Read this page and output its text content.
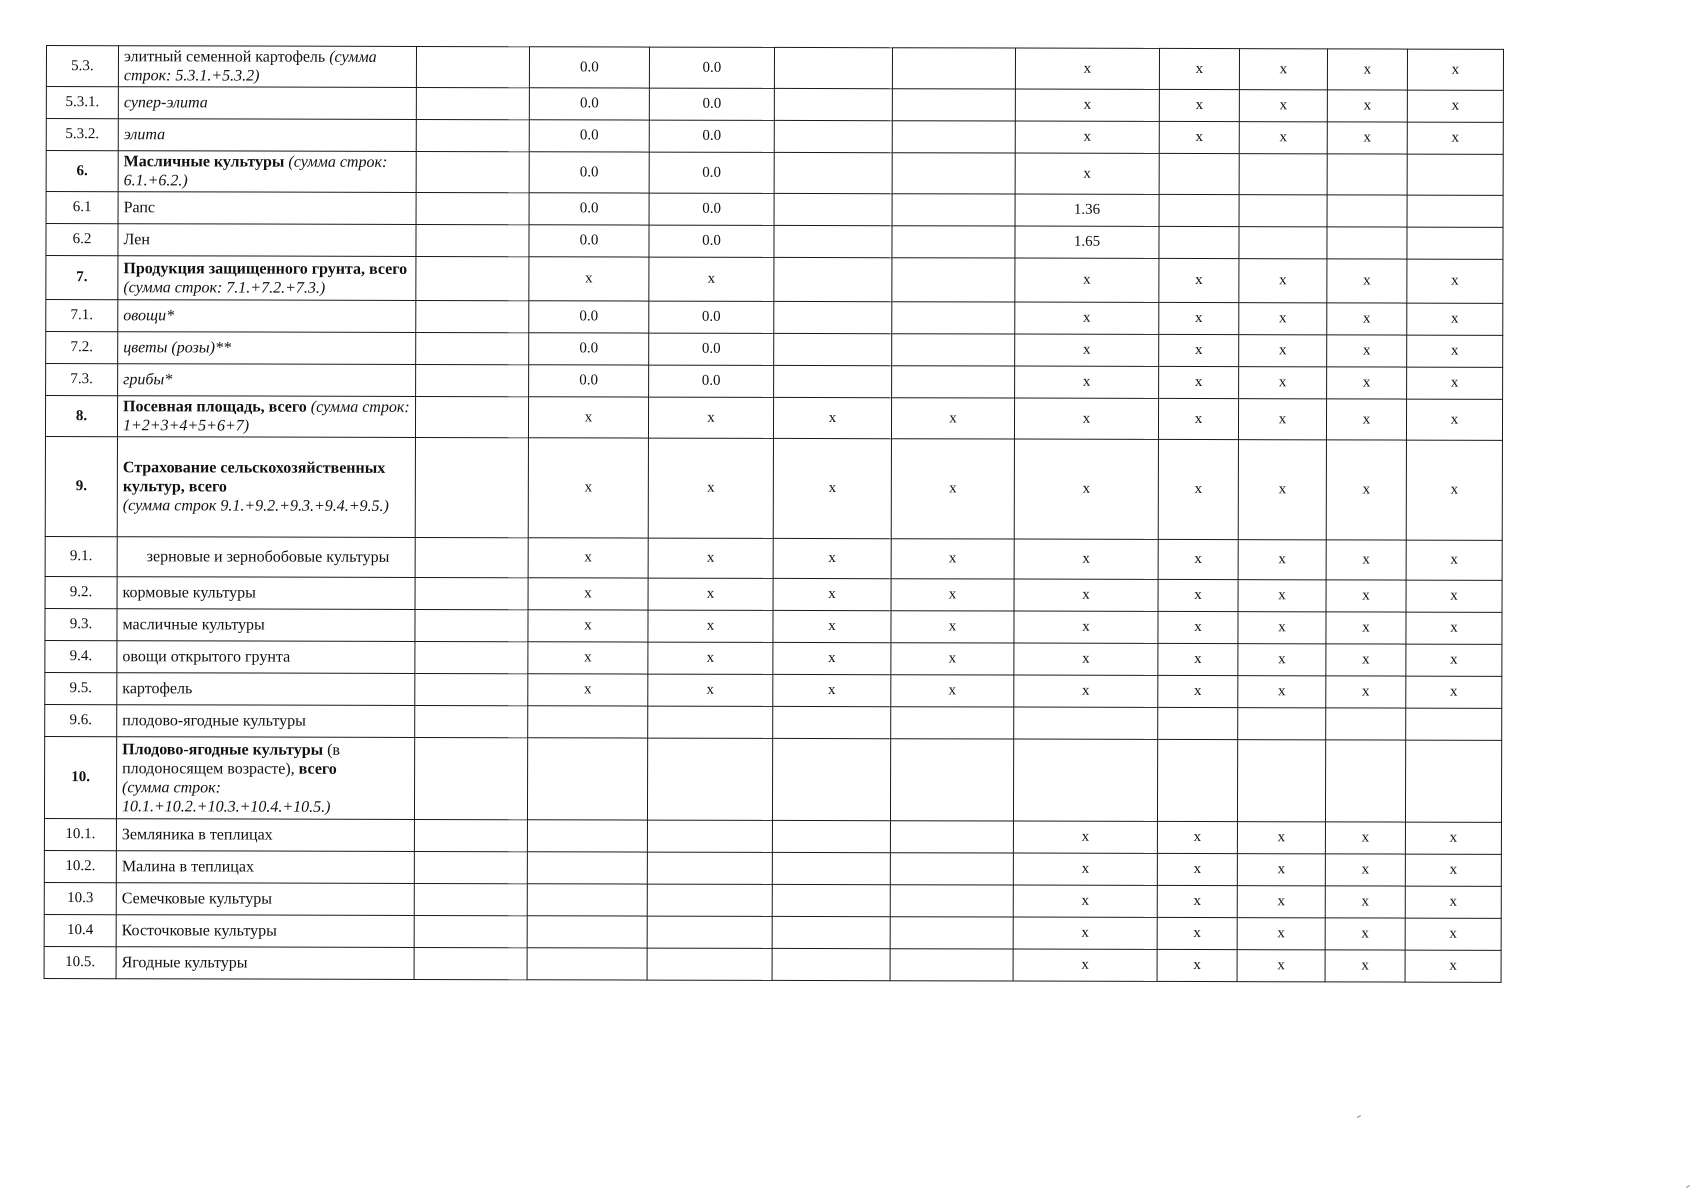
5.3.	элитный семенной картофель (сумма строк: 5.3.1.+5.3.2)		0.0	0.0			x	x	x	x	x
5.3.1.	супер-элита		0.0	0.0			x	x	x	x	x
5.3.2.	элита		0.0	0.0			x	x	x	x	x
6.	Масличные культуры (сумма строк: 6.1.+6.2.)		0.0	0.0			x				
6.1	Рапс		0.0	0.0			1.36				
6.2	Лен		0.0	0.0			1.65				
7.	Продукция защищенного грунта, всего (сумма строк: 7.1.+7.2.+7.3.)		x	x			x	x	x	x	x
7.1.	овощи*		0.0	0.0			x	x	x	x	x
7.2.	цветы (розы)**		0.0	0.0			x	x	x	x	x
7.3.	грибы*		0.0	0.0			x	x	x	x	x
8.	Посевная площадь, всего (сумма строк: 1+2+3+4+5+6+7)		x	x	x	x	x	x	x	x	x
9.	Страхование сельскохозяйственных культур, всего
(сумма строк 9.1.+9.2.+9.3.+9.4.+9.5.)		x	x	x	x	x	x	x	x	x
9.1.	зерновые и зернобобовые культуры		x	x	x	x	x	x	x	x	x
9.2.	кормовые культуры		x	x	x	x	x	x	x	x	x
9.3.	масличные культуры		x	x	x	x	x	x	x	x	x
9.4.	овощи открытого грунта		x	x	x	x	x	x	x	x	x
9.5.	картофель		x	x	x	x	x	x	x	x	x
9.6.	плодово-ягодные культуры										
10.	Плодово-ягодные культуры (в плодоносящем возрасте), всего
(сумма строк: 10.1.+10.2.+10.3.+10.4.+10.5.)										
10.1.	Земляника в теплицах						x	x	x	x	x
10.2.	Малина в теплицах						x	x	x	x	x
10.3	Семечковые культуры						x	x	x	x	x
10.4	Косточковые культуры						x	x	x	x	x
10.5.	Ягодные культуры						x	x	x	x	x
